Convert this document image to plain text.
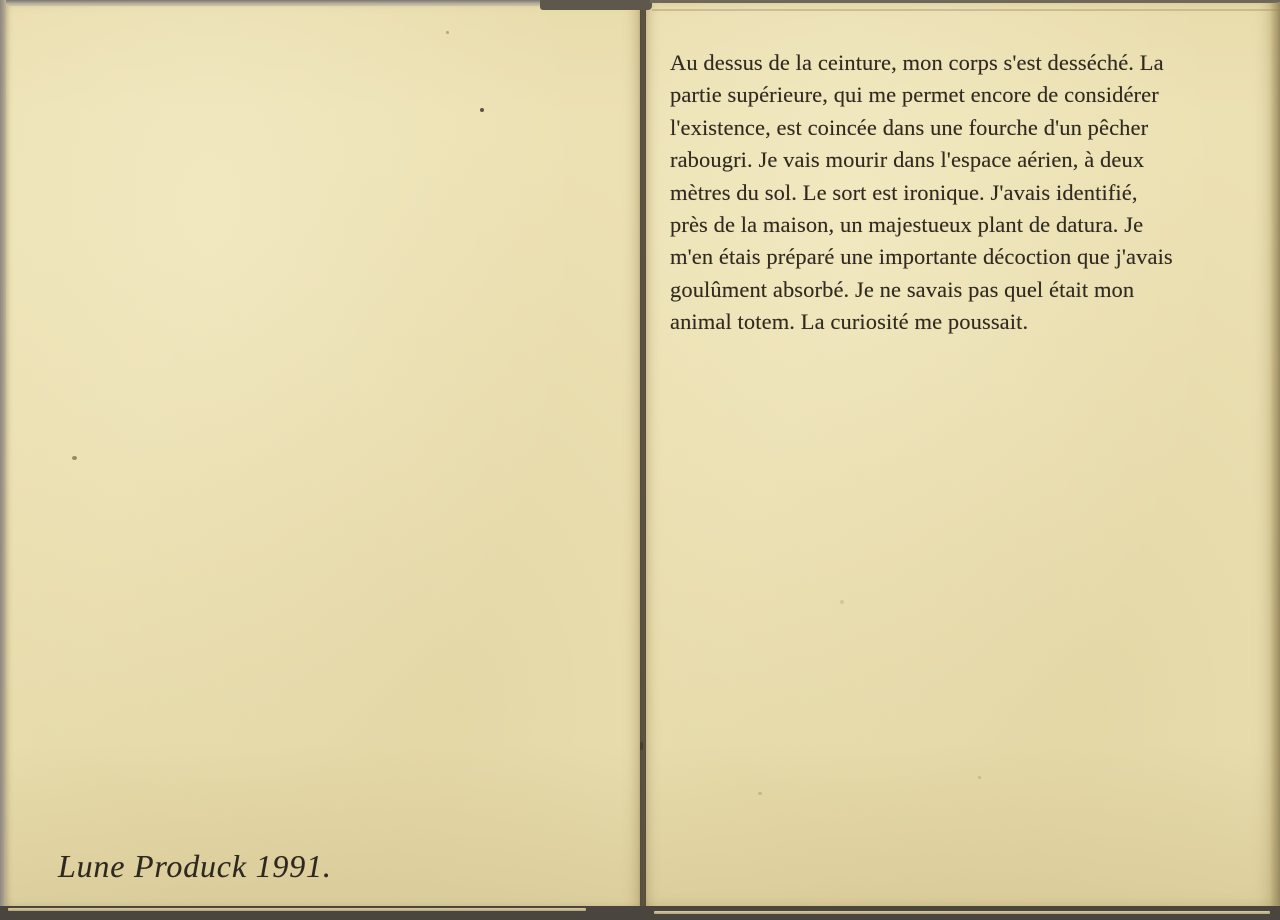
Au dessus de la ceinture, mon corps s'est desséché. La
partie supérieure, qui me permet encore de considérer
l'existence, est coincée dans une fourche d'un pêcher
rabougri. Je vais mourir dans l'espace aérien, à deux
mètres du sol. Le sort est ironique. J'avais identifié,
près de la maison, un majestueux plant de datura. Je
m'en étais préparé une importante décoction que j'avais
goulûment absorbé. Je ne savais pas quel était mon
animal totem. La curiosité me poussait.
Lune Produck 1991.
